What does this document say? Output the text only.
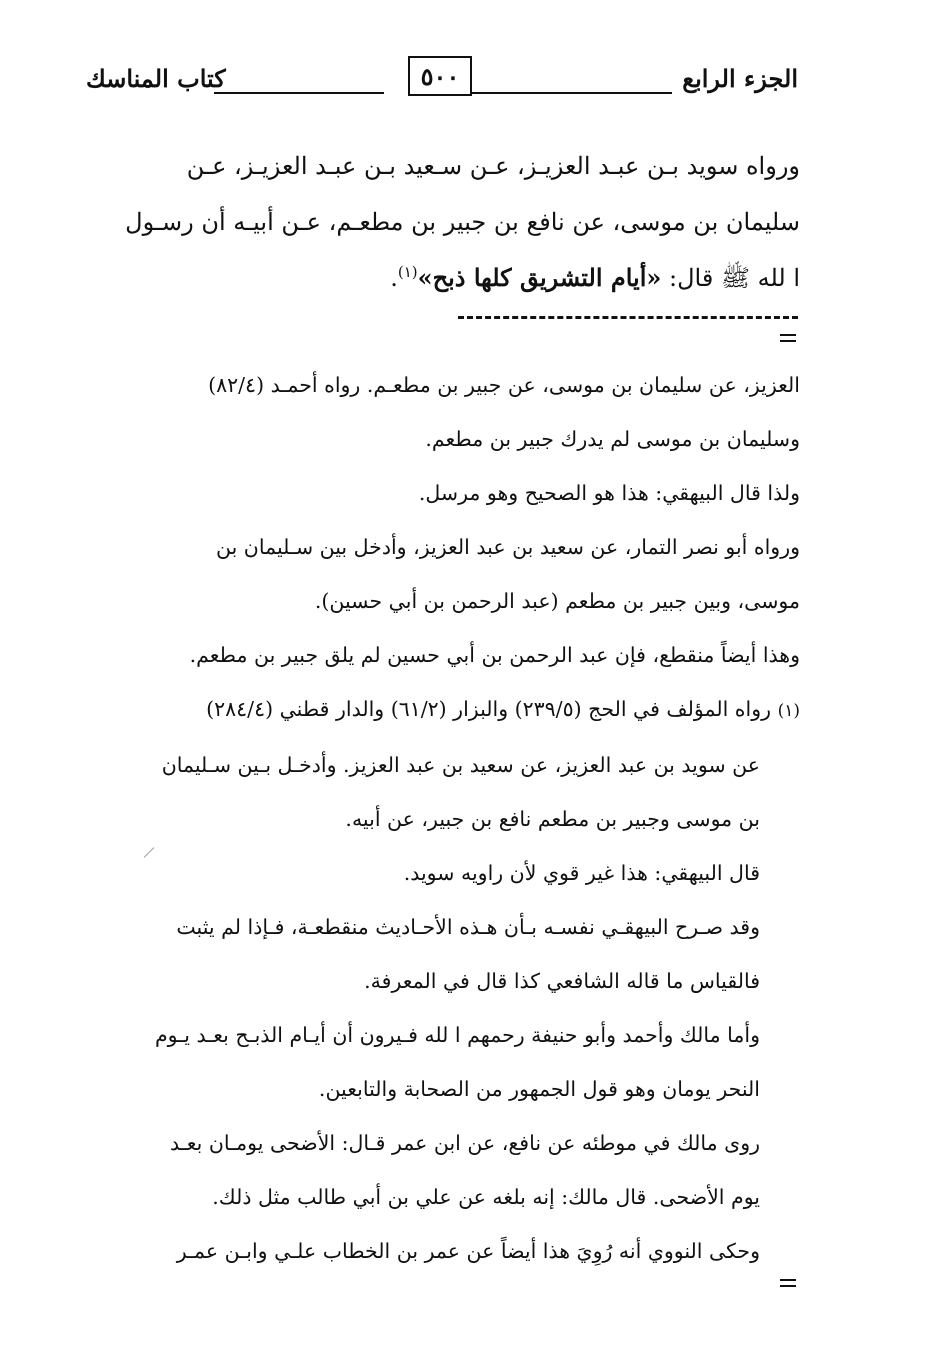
الجزء الرابع
٥٠٠
كتاب المناسك

ورواه سويد بـن عبـد العزيـز، عـن سـعيد بـن عبـد العزيـز، عـن

سليمان بن موسى، عن نافع بن جبير بن مطعـم، عـن أبيـه أن رسـول

ا لله ﷺ قال: «أيام التشريق كلها ذبح»$^{(١)}$.

العزيز، عن سليمان بن موسى، عن جبير بن مطعـم. رواه أحمـد (٨٢/٤)

وسليمان بن موسى لم يدرك جبير بن مطعم.

ولذا قال البيهقي: هذا هو الصحيح وهو مرسل.

ورواه أبو نصر التمار، عن سعيد بن عبد العزيز، وأدخل بين سـليمان بن

موسى، وبين جبير بن مطعم (عبد الرحمن بن أبي حسين).

وهذا أيضاً منقطع، فإن عبد الرحمن بن أبي حسين لم يلق جبير بن مطعم.

(١) رواه المؤلف في الحج (٢٣٩/٥) والبزار (٦١/٢) والدار قطني (٢٨٤/٤)

عن سويد بن عبد العزيز، عن سعيد بن عبد العزيز. وأدخـل بـين سـليمان

بن موسى وجبير بن مطعم نافع بن جبير، عن أبيه.

قال البيهقي: هذا غير قوي لأن راويه سويد.

وقد صـرح البيهقـي نفسـه بـأن هـذه الأحـاديث منقطعـة، فـإذا لم يثبت

فالقياس ما قاله الشافعي كذا قال في المعرفة.

وأما مالك وأحمد وأبو حنيفة رحمهم ا لله فـيرون أن أيـام الذبـح بعـد يـوم

النحر يومان وهو قول الجمهور من الصحابة والتابعين.

روى مالك في موطئه عن نافع، عن ابن عمر قـال: الأضحى يومـان بعـد

يوم الأضحى. قال مالك: إنه بلغه عن علي بن أبي طالب مثل ذلك.

وحكى النووي أنه رُوِيَ هذا أيضاً عن عمر بن الخطاب علـي وابـن عمـر
